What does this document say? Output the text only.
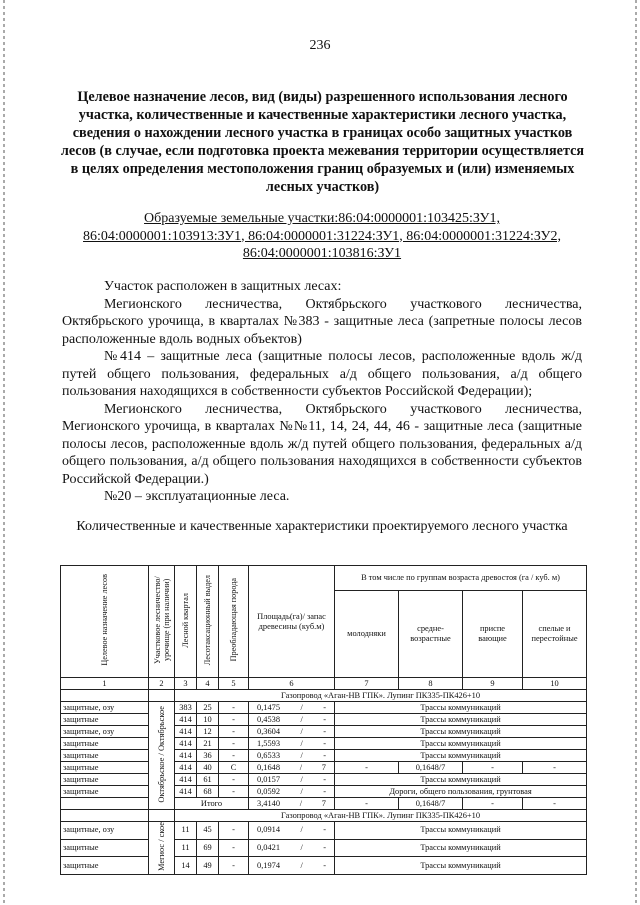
236
Целевое назначение лесов, вид (виды) разрешенного использования лесного участка, количественные и качественные характеристики лесного участка, сведения о нахождении лесного участка в границах особо защитных участков лесов (в случае, если подготовка проекта межевания территории осуществляется в целях определения местоположения границ образуемых и (или) изменяемых лесных участков)
Образуемые земельные участки:86:04:0000001:103425:ЗУ1,
86:04:0000001:103913:ЗУ1, 86:04:0000001:31224:ЗУ1, 86:04:0000001:31224:ЗУ2,
86:04:0000001:103816:ЗУ1

Участок расположен в защитных лесах:

Мегионского лесничества, Октябрьского участкового лесничества, Октябрьского урочища, в кварталах №383 - защитные леса (запретные полосы лесов расположенные вдоль водных объектов)

№414 – защитные леса (защитные полосы лесов, расположенные вдоль ж/д путей общего пользования, федеральных а/д общего пользования, а/д общего пользования находящихся в собственности субъектов Российской Федерации);

Мегионского лесничества, Октябрьского участкового лесничества, Мегионского урочища, в кварталах №№11, 14, 24, 44, 46 - защитные леса (защитные полосы лесов, расположенные вдоль ж/д путей общего пользования, федеральных а/д общего пользования, а/д общего пользования находящихся в собственности субъектов Российской Федерации.)

№20 – эксплуатационные леса.

Количественные и качественные характеристики проектируемого лесного участка
Целевое назначение лесов	Участковое лесничество/ урочище (при наличии)	Лесной квартал	Лесотаксационный выдел	Преобладающая порода	Площадь(га)/ запас древесины (куб.м)	В том числе по группам возраста древостоя (га / куб. м)			
						молодняки	средне-возрастные	приспе вающие	спелые и перестойные
1	2	3	4	5	6	7	8	9	10
		Газопровод «Аган-НВ ГПК». Лупинг ПК335-ПК426+10							
защитные, озу	Октябрьское / Октябрьское	383	25	-	0,1475 / -	Трассы коммуникаций			
защитные		414	10	-	0,4538 / -	Трассы коммуникаций			
защитные, озу		414	12	-	0,3604 / -	Трассы коммуникаций			
защитные		414	21	-	1,5593 / -	Трассы коммуникаций			
защитные		414	36	-	0,6533 / -	Трассы коммуникаций			
защитные		414	40	С	0,1648 / 7	-	0,1648/7	-	-
защитные		414	61	-	0,0157 / -	Трассы коммуникаций			
защитные		414	68	-	0,0592 / -	Дороги, общего пользования, грунтовая			
		Итого			3,4140 / 7	-	0,1648/7	-	-
		Газопровод «Аган-НВ ГПК». Лупинг ПК335-ПК426+10							
защитные, озу	Мегиос / ское	11	45	-	0,0914 / -	Трассы коммуникаций			
защитные		11	69	-	0,0421 / -	Трассы коммуникаций			
защитные		14	49	-	0,1974 / -	Трассы коммуникаций			
